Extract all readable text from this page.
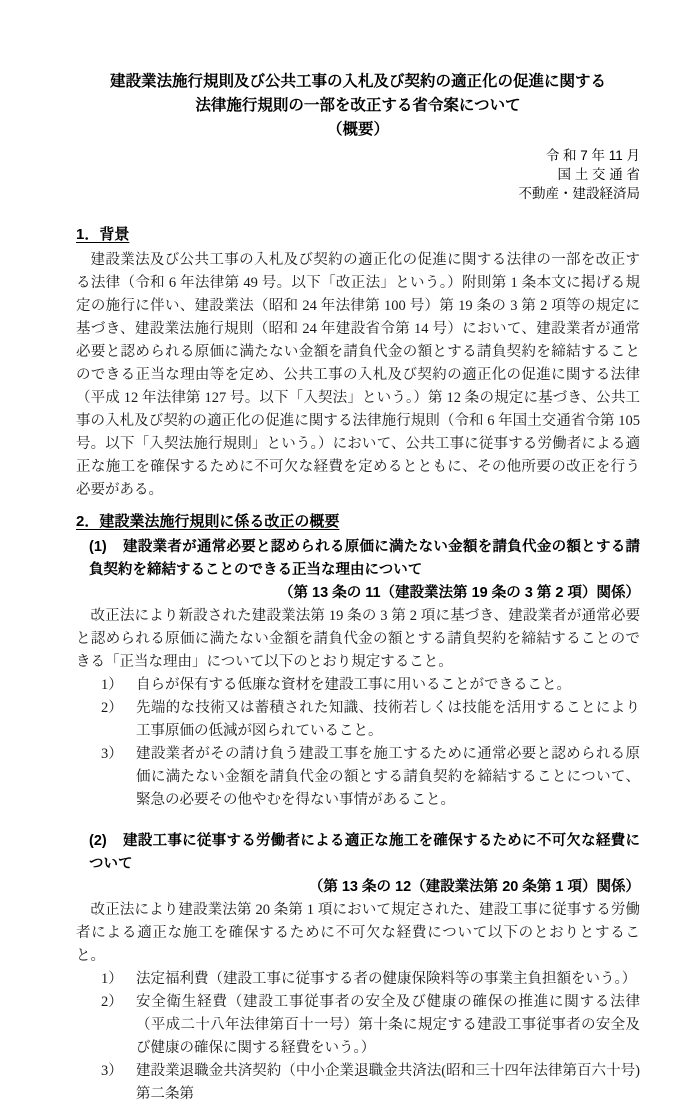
建設業法施行規則及び公共工事の入札及び契約の適正化の促進に関する
法律施行規則の一部を改正する省令案について
（概要）
令 和 7 年 11 月
国 土 交 通 省
不動産・建設経済局
1．背景

建設業法及び公共工事の入札及び契約の適正化の促進に関する法律の一部を改正する法律（令和 6 年法律第 49 号。以下「改正法」という。）附則第 1 条本文に掲げる規定の施行に伴い、建設業法（昭和 24 年法律第 100 号）第 19 条の 3 第 2 項等の規定に基づき、建設業法施行規則（昭和 24 年建設省令第 14 号）において、建設業者が通常必要と認められる原価に満たない金額を請負代金の額とする請負契約を締結することのできる正当な理由等を定め、公共工事の入札及び契約の適正化の促進に関する法律（平成 12 年法律第 127 号。以下「入契法」という。）第 12 条の規定に基づき、公共工事の入札及び契約の適正化の促進に関する法律施行規則（令和 6 年国土交通省令第 105 号。以下「入契法施行規則」という。）において、公共工事に従事する労働者による適正な施工を確保するために不可欠な経費を定めるとともに、その他所要の改正を行う必要がある。

2．建設業法施行規則に係る改正の概要
(1) 建設業者が通常必要と認められる原価に満たない金額を請負代金の額とする請負契約を締結することのできる正当な理由について
（第 13 条の 11（建設業法第 19 条の 3 第 2 項）関係）

改正法により新設された建設業法第 19 条の 3 第 2 項に基づき、建設業者が通常必要と認められる原価に満たない金額を請負代金の額とする請負契約を締結することのできる「正当な理由」について以下のとおり規定すること。

1） 自らが保有する低廉な資材を建設工事に用いることができること。
2） 先端的な技術又は蓄積された知識、技術若しくは技能を活用することにより工事原価の低減が図られていること。
3） 建設業者がその請け負う建設工事を施工するために通常必要と認められる原価に満たない金額を請負代金の額とする請負契約を締結することについて、緊急の必要その他やむを得ない事情があること。
(2) 建設工事に従事する労働者による適正な施工を確保するために不可欠な経費について
（第 13 条の 12（建設業法第 20 条第 1 項）関係）

改正法により建設業法第 20 条第 1 項において規定された、建設工事に従事する労働者による適正な施工を確保するために不可欠な経費について以下のとおりとすること。

1） 法定福利費（建設工事に従事する者の健康保険料等の事業主負担額をいう。）
2） 安全衛生経費（建設工事従事者の安全及び健康の確保の推進に関する法律（平成二十八年法律第百十一号）第十条に規定する建設工事従事者の安全及び健康の確保に関する経費をいう。）
3） 建設業退職金共済契約（中小企業退職金共済法(昭和三十四年法律第百六十号)第二条第
